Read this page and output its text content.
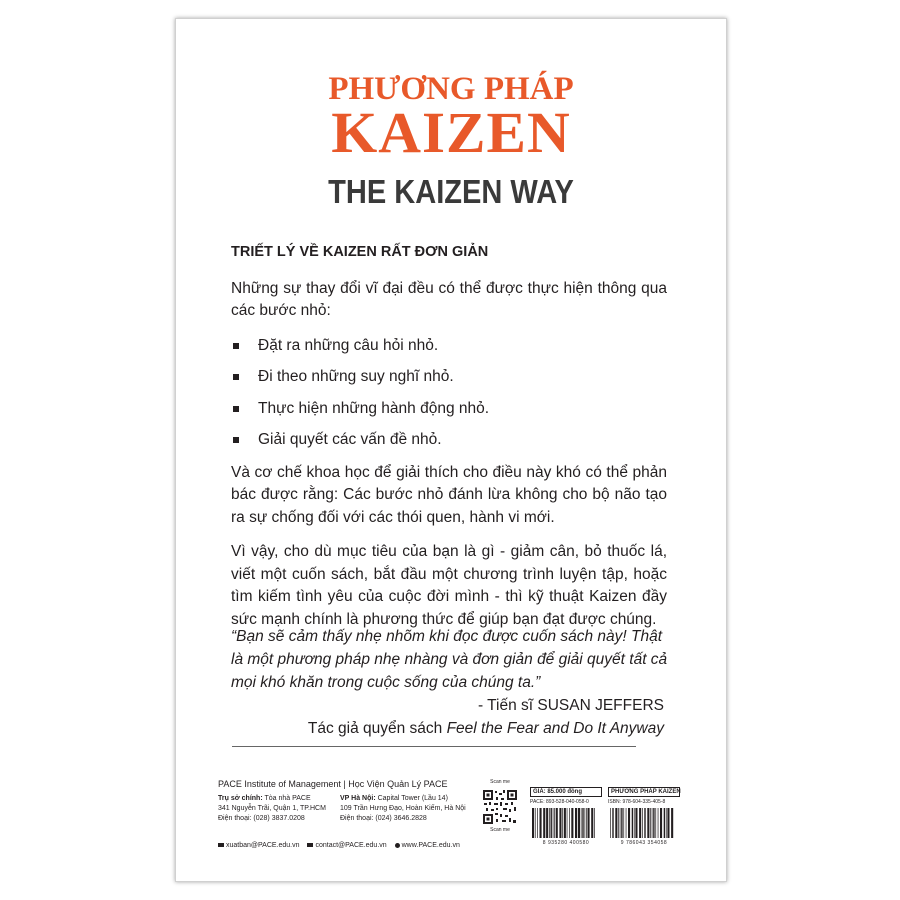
PHƯƠNG PHÁP
KAIZEN
THE KAIZEN WAY
TRIẾT LÝ VỀ KAIZEN RẤT ĐƠN GIẢN
Những sự thay đổi vĩ đại đều có thể được thực hiện thông qua các bước nhỏ:
Đặt ra những câu hỏi nhỏ.
Đi theo những suy nghĩ nhỏ.
Thực hiện những hành động nhỏ.
Giải quyết các vấn đề nhỏ.
Và cơ chế khoa học để giải thích cho điều này khó có thể phản bác được rằng: Các bước nhỏ đánh lừa không cho bộ não tạo ra sự chống đối với các thói quen, hành vi mới.
Vì vậy, cho dù mục tiêu của bạn là gì - giảm cân, bỏ thuốc lá, viết một cuốn sách, bắt đầu một chương trình luyện tập, hoặc tìm kiếm tình yêu của cuộc đời mình - thì kỹ thuật Kaizen đầy sức mạnh chính là phương thức để giúp bạn đạt được chúng.
“Bạn sẽ cảm thấy nhẹ nhõm khi đọc được cuốn sách này! Thật là một phương pháp nhẹ nhàng và đơn giản để giải quyết tất cả mọi khó khăn trong cuộc sống của chúng ta.”
- Tiến sĩ SUSAN JEFFERS
Tác giả quyển sách Feel the Fear and Do It Anyway
PACE Institute of Management | Học Viện Quản Lý PACE
Trụ sở chính: Tòa nhà PACE
341 Nguyễn Trãi, Quận 1, TP.HCM
Điện thoại: (028) 3837.0208
VP Hà Nội: Capital Tower (Lầu 14)
109 Trần Hưng Đạo, Hoàn Kiếm, Hà Nội
Điện thoại: (024) 3646.2828
xuatban@PACE.edu.vn contact@PACE.edu.vn www.PACE.edu.vn
Scan me
Scan me
GIÁ: 85.000 đồng
PACE: 893-528-040-058-0
8 935280 400580
PHƯƠNG PHÁP KAIZEN
ISBN: 978-604-335-405-8
9 786043 354058
